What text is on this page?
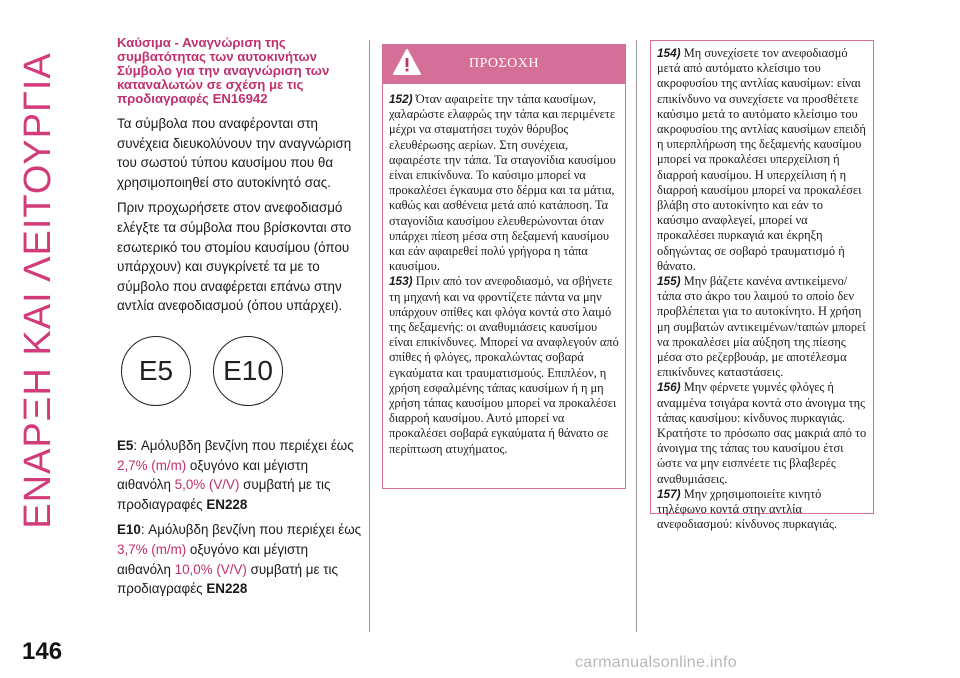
ΕΝΑΡΞΗ ΚΑΙ ΛΕΙΤΟΥΡΓΙΑ

Καύσιμα - Αναγνώριση της συμβατότητας των αυτοκινήτων Σύμβολο για την αναγνώριση των καταναλωτών σε σχέση με τις προδιαγραφές EN16942

Τα σύμβολα που αναφέρονται στη συνέχεια διευκολύνουν την αναγνώριση του σωστού τύπου καυσίμου που θα χρησιμοποιηθεί στο αυτοκίνητό σας.

Πριν προχωρήσετε στον ανεφοδιασμό ελέγξτε τα σύμβολα που βρίσκονται στο εσωτερικό του στομίου καυσίμου (όπου υπάρχουν) και συγκρίνετέ τα με το σύμβολο που αναφέρεται επάνω στην αντλία ανεφοδιασμού (όπου υπάρχει).

E5	E10

E5: Αμόλυβδη βενζίνη που περιέχει έως 2,7% (m/m) οξυγόνο και μέγιστη αιθανόλη 5,0% (V/V) συμβατή με τις προδιαγραφές EN228

E10: Αμόλυβδη βενζίνη που περιέχει έως 3,7% (m/m) οξυγόνο και μέγιστη αιθανόλη 10,0% (V/V) συμβατή με τις προδιαγραφές EN228

ΠΡΟΣΟΧΗ

152) Όταν αφαιρείτε την τάπα καυσίμων, χαλαρώστε ελαφρώς την τάπα και περιμένετε μέχρι να σταματήσει τυχόν θόρυβος ελευθέρωσης αερίων. Στη συνέχεια, αφαιρέστε την τάπα. Τα σταγονίδια καυσίμου είναι επικίνδυνα. Το καύσιμο μπορεί να προκαλέσει έγκαυμα στο δέρμα και τα μάτια, καθώς και ασθένεια μετά από κατάποση. Τα σταγονίδια καυσίμου ελευθερώνονται όταν υπάρχει πίεση μέσα στη δεξαμενή καυσίμου και εάν αφαιρεθεί πολύ γρήγορα η τάπα καυσίμου.

153) Πριν από τον ανεφοδιασμό, να σβήνετε τη μηχανή και να φροντίζετε πάντα να μην υπάρχουν σπίθες και φλόγα κοντά στο λαιμό της δεξαμενής: οι αναθυμιάσεις καυσίμου είναι επικίνδυνες. Μπορεί να αναφλεγούν από σπίθες ή φλόγες, προκαλώντας σοβαρά εγκαύματα και τραυματισμούς. Επιπλέον, η χρήση εσφαλμένης τάπας καυσίμων ή η μη χρήση τάπας καυσίμου μπορεί να προκαλέσει διαρροή καυσίμου. Αυτό μπορεί να προκαλέσει σοβαρά εγκαύματα ή θάνατο σε περίπτωση ατυχήματος.

154) Μη συνεχίσετε τον ανεφοδιασμό μετά από αυτόματο κλείσιμο του ακροφυσίου της αντλίας καυσίμων: είναι επικίνδυνο να συνεχίσετε να προσθέτετε καύσιμο μετά το αυτόματο κλείσιμο του ακροφυσίου της αντλίας καυσίμων επειδή η υπερπλήρωση της δεξαμενής καυσίμου μπορεί να προκαλέσει υπερχείλιση ή διαρροή καυσίμου. Η υπερχείλιση ή η διαρροή καυσίμου μπορεί να προκαλέσει βλάβη στο αυτοκίνητο και εάν το καύσιμο αναφλεγεί, μπορεί να προκαλέσει πυρκαγιά και έκρηξη οδηγώντας σε σοβαρό τραυματισμό ή θάνατο.

155) Μην βάζετε κανένα αντικείμενο/τάπα στο άκρο του λαιμού το οποίο δεν προβλέπεται για το αυτοκίνητο. Η χρήση μη συμβατών αντικειμένων/ταπών μπορεί να προκαλέσει μία αύξηση της πίεσης μέσα στο ρεζερβουάρ, με αποτέλεσμα επικίνδυνες καταστάσεις.

156) Μην φέρνετε γυμνές φλόγες ή αναμμένα τσιγάρα κοντά στο άνοιγμα της τάπας καυσίμου: κίνδυνος πυρκαγιάς. Κρατήστε το πρόσωπο σας μακριά από το άνοιγμα της τάπας του καυσίμου έτσι ώστε να μην εισπνέετε τις βλαβερές αναθυμιάσεις.

157) Μην χρησιμοποιείτε κινητό τηλέφωνο κοντά στην αντλία ανεφοδιασμού: κίνδυνος πυρκαγιάς.

146	carmanualsonline.info
